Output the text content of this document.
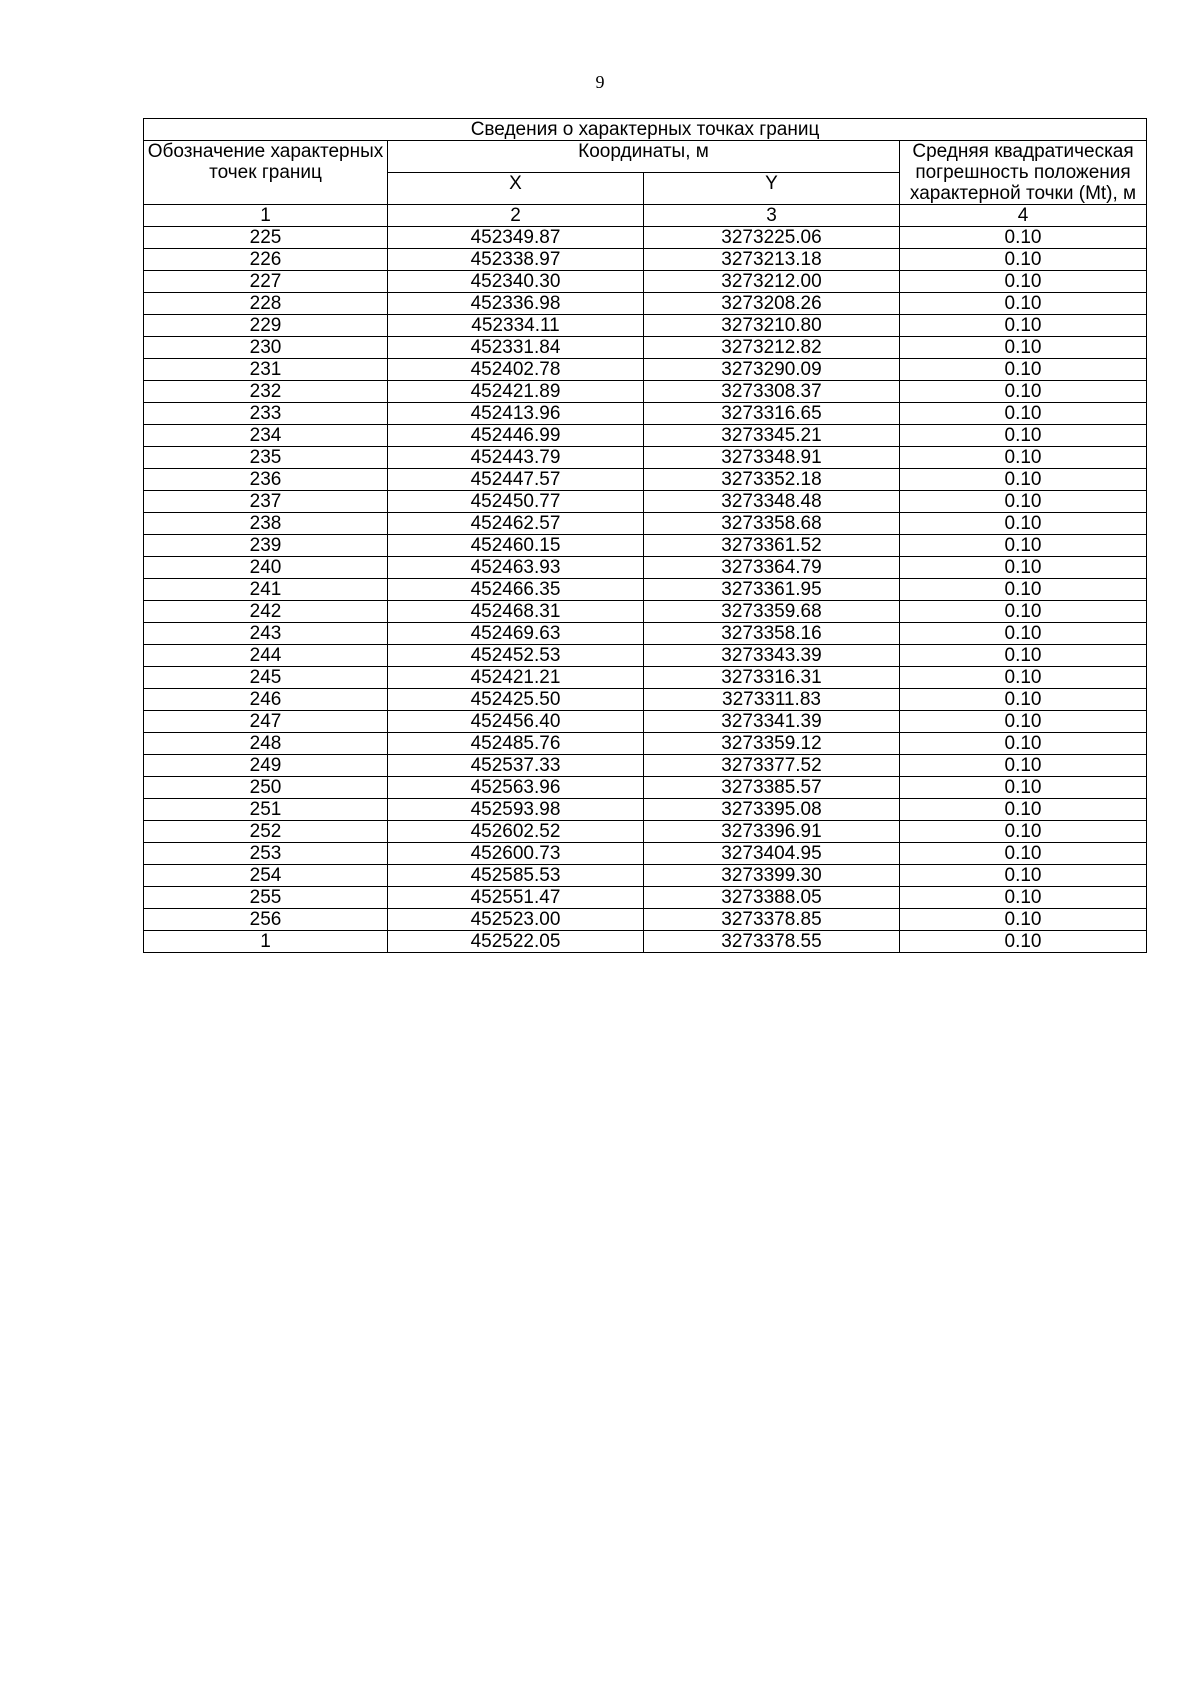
9
Сведения о характерных точках границ			
Обозначение характерных точек границ	Координаты, м		Средняя квадратическая погрешность положения характерной точки (Mt), м
	X	Y	
1	2	3	4
225	452349.87	3273225.06	0.10
226	452338.97	3273213.18	0.10
227	452340.30	3273212.00	0.10
228	452336.98	3273208.26	0.10
229	452334.11	3273210.80	0.10
230	452331.84	3273212.82	0.10
231	452402.78	3273290.09	0.10
232	452421.89	3273308.37	0.10
233	452413.96	3273316.65	0.10
234	452446.99	3273345.21	0.10
235	452443.79	3273348.91	0.10
236	452447.57	3273352.18	0.10
237	452450.77	3273348.48	0.10
238	452462.57	3273358.68	0.10
239	452460.15	3273361.52	0.10
240	452463.93	3273364.79	0.10
241	452466.35	3273361.95	0.10
242	452468.31	3273359.68	0.10
243	452469.63	3273358.16	0.10
244	452452.53	3273343.39	0.10
245	452421.21	3273316.31	0.10
246	452425.50	3273311.83	0.10
247	452456.40	3273341.39	0.10
248	452485.76	3273359.12	0.10
249	452537.33	3273377.52	0.10
250	452563.96	3273385.57	0.10
251	452593.98	3273395.08	0.10
252	452602.52	3273396.91	0.10
253	452600.73	3273404.95	0.10
254	452585.53	3273399.30	0.10
255	452551.47	3273388.05	0.10
256	452523.00	3273378.85	0.10
1	452522.05	3273378.55	0.10
